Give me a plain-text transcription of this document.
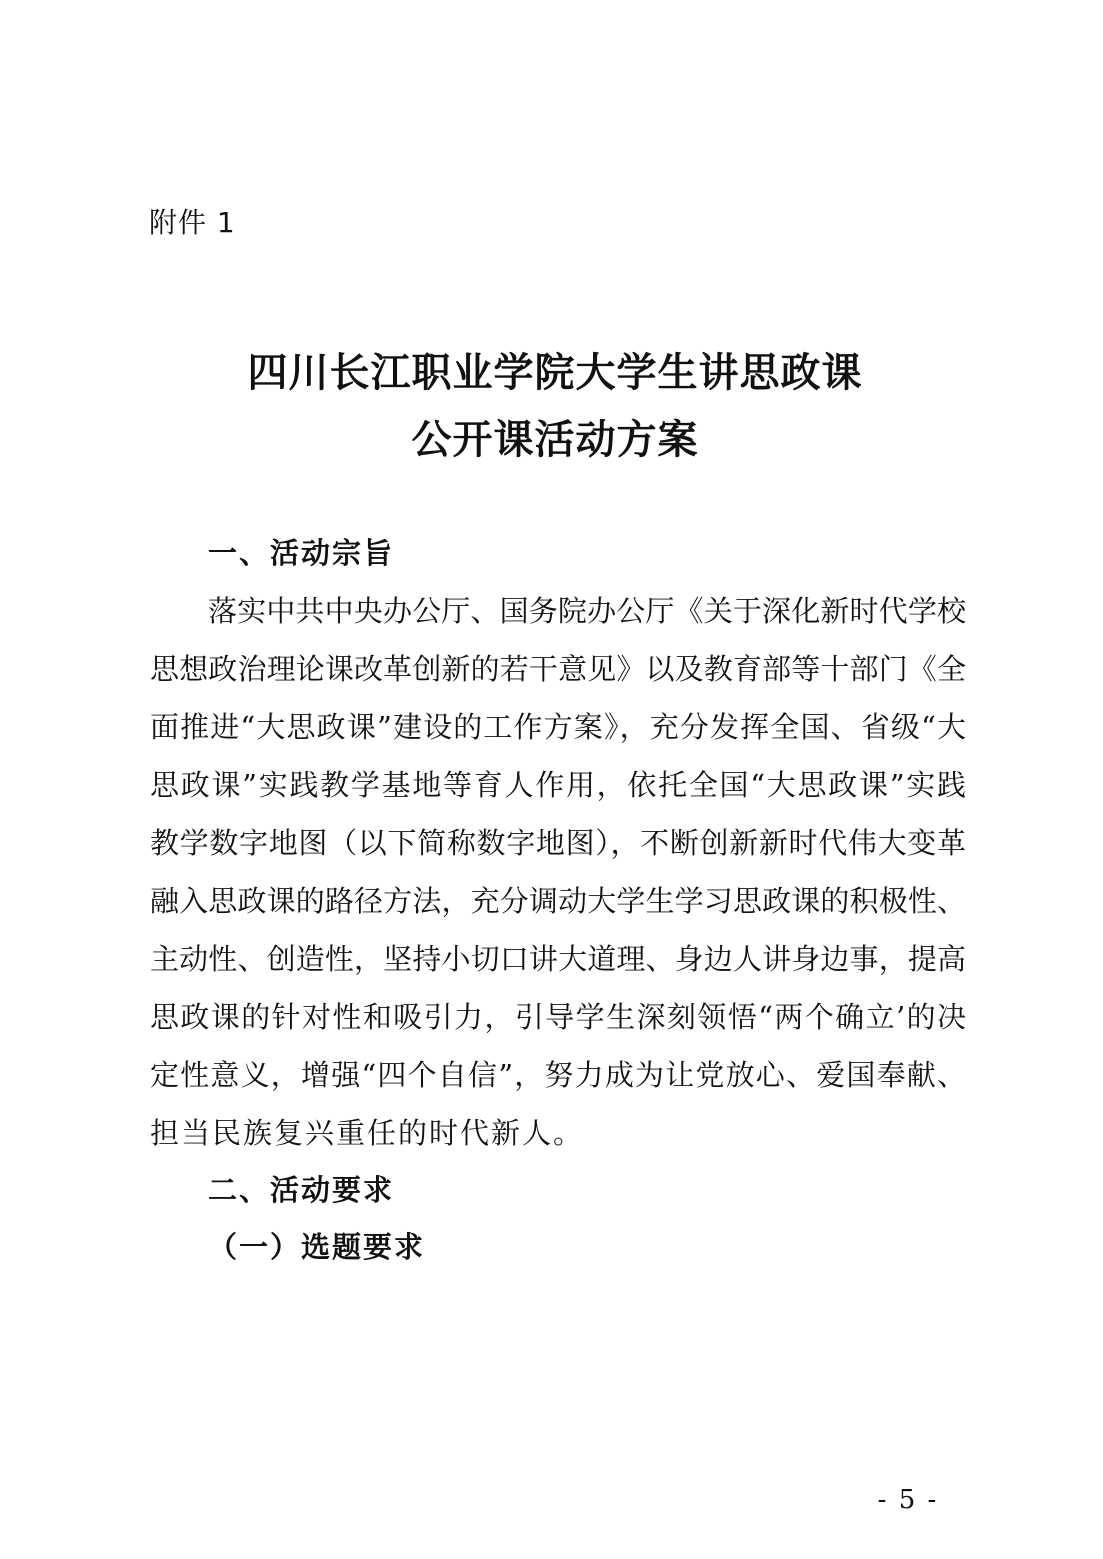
附件 1
四川长江职业学院大学生讲思政课
公开课活动方案
一、活动宗旨
落实中共中央办公厅、国务院办公厅《关于深化新时代学校
思想政治理论课改革创新的若干意见》以及教育部等十部门《全
面推进“大思政课”建设的工作方案》，充分发挥全国、省级“大
思政课”实践教学基地等育人作用，依托全国“大思政课”实践
教学数字地图（以下简称数字地图），不断创新新时代伟大变革
融入思政课的路径方法，充分调动大学生学习思政课的积极性、
主动性、创造性，坚持小切口讲大道理、身边人讲身边事，提高
思政课的针对性和吸引力，引导学生深刻领悟“两个确立’的决
定性意义，增强“四个自信”，努力成为让党放心、爱国奉献、
担当民族复兴重任的时代新人。
二、活动要求
（一）选题要求
- 5 -
